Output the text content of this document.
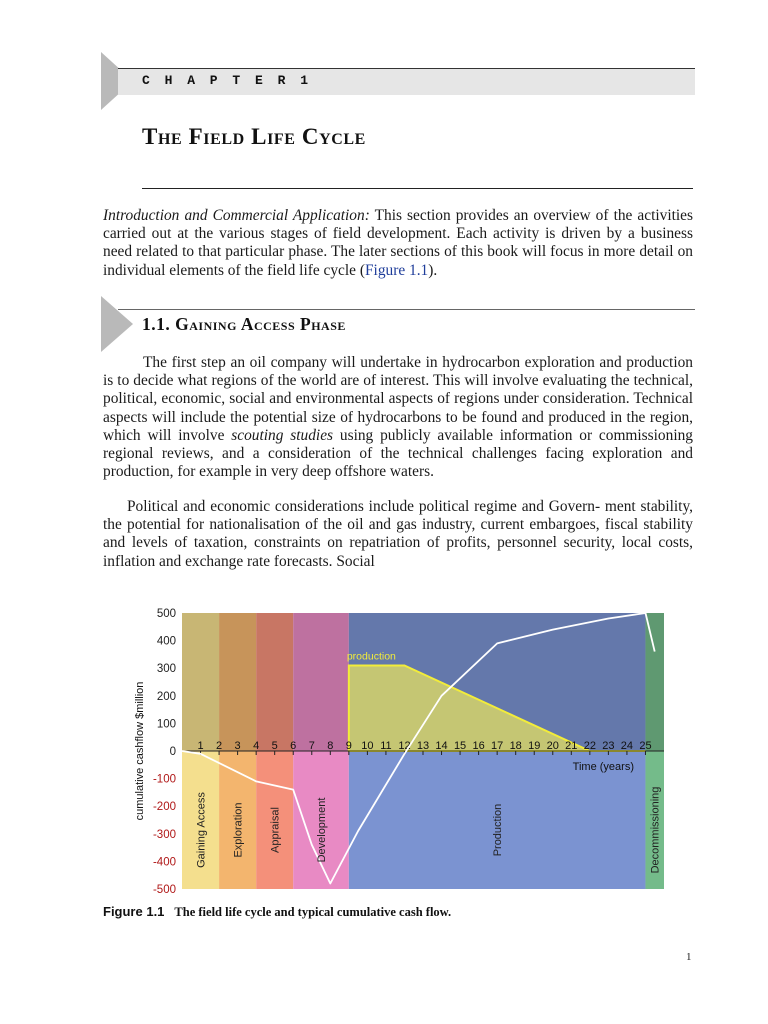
C H A P T E R 1
The Field Life Cycle

Introduction and Commercial Application: This section provides an overview of the activities carried out at the various stages of field development. Each activity is driven by a business need related to that particular phase. The later sections of this book will focus in more detail on individual elements of the field life cycle (Figure 1.1).

1.1. Gaining Access Phase

The first step an oil company will undertake in hydrocarbon exploration and production is to decide what regions of the world are of interest. This will involve evaluating the technical, political, economic, social and environmental aspects of regions under consideration. Technical aspects will include the potential size of hydrocarbons to be found and produced in the region, which will involve scouting studies using publicly available information or commissioning regional reviews, and a consideration of the technical challenges facing exploration and production, for example in very deep offshore waters.

Political and economic considerations include political regime and Govern- ment stability, the potential for nationalisation of the oil and gas industry, current embargoes, fiscal stability and levels of taxation, constraints on repatriation of profits, personnel security, local costs, inflation and exchange rate forecasts. Social

500
400
300
200
100
0
-100
-200
-300
-400
-500
1 2 3 4 5 6 7 8 9 10 11 12 13 14 15 16 17 18 19 20 21 22 23 24 25
Gaining Access Exploration Appraisal	Development	Production	Decommissioning
production
Time (years)
cumulative cashflow $million
Figure 1.1 The field life cycle and typical cumulative cash flow.
1
